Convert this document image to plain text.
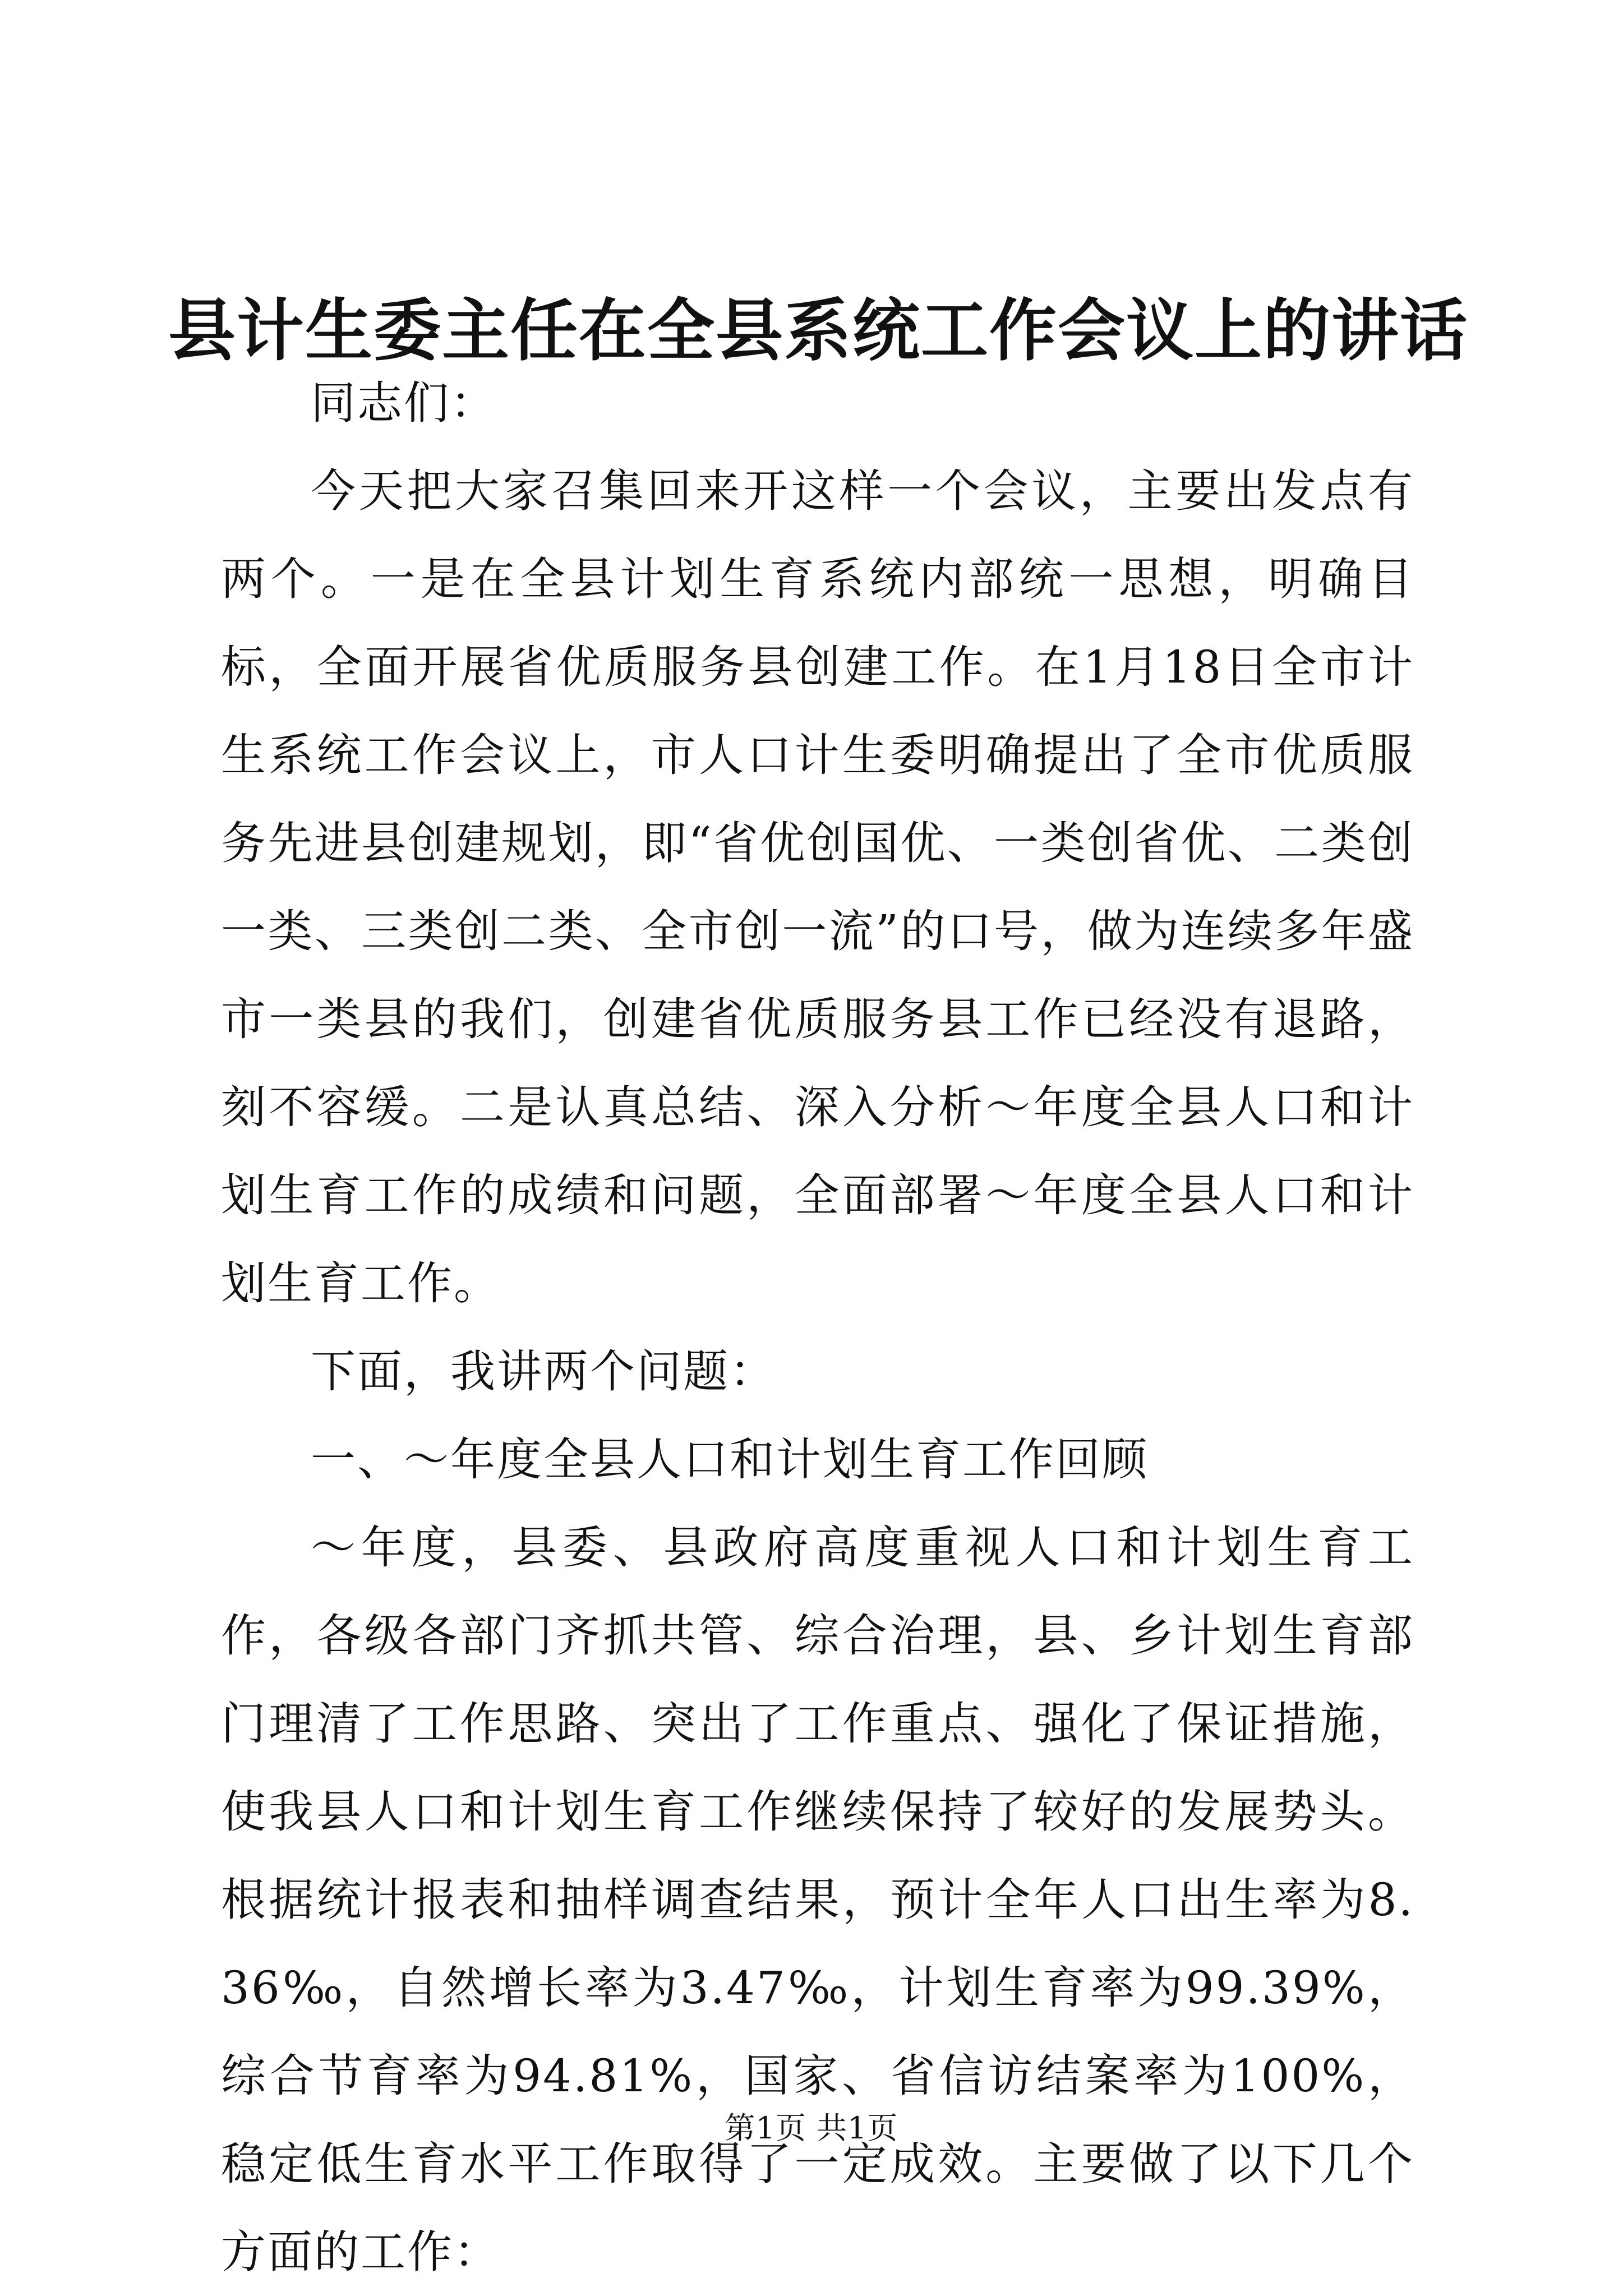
县计生委主任在全县系统工作会议上的讲话

同志们：

今天把大家召集回来开这样一个会议，主要出发点有两个。一是在全县计划生育系统内部统一思想，明确目标，全面开展省优质服务县创建工作。在1月18日全市计生系统工作会议上，市人口计生委明确提出了全市优质服务先进县创建规划，即“省优创国优、一类创省优、二类创一类、三类创二类、全市创一流”的口号，做为连续多年盛市一类县的我们，创建省优质服务县工作已经没有退路，刻不容缓。二是认真总结、深入分析～年度全县人口和计划生育工作的成绩和问题，全面部署～年度全县人口和计划生育工作。

下面，我讲两个问题：

一、～年度全县人口和计划生育工作回顾

～年度，县委、县政府高度重视人口和计划生育工作，各级各部门齐抓共管、综合治理，县、乡计划生育部门理清了工作思路、突出了工作重点、强化了保证措施，使我县人口和计划生育工作继续保持了较好的发展势头。根据统计报表和抽样调查结果，预计全年人口出生率为8.36‰，自然增长率为3.47‰，计划生育率为99.39%，综合节育率为94.81%，国家、省信访结案率为100%，稳定低生育水平工作取得了一定成效。主要做了以下几个方面的工作：

第1页 共1页
